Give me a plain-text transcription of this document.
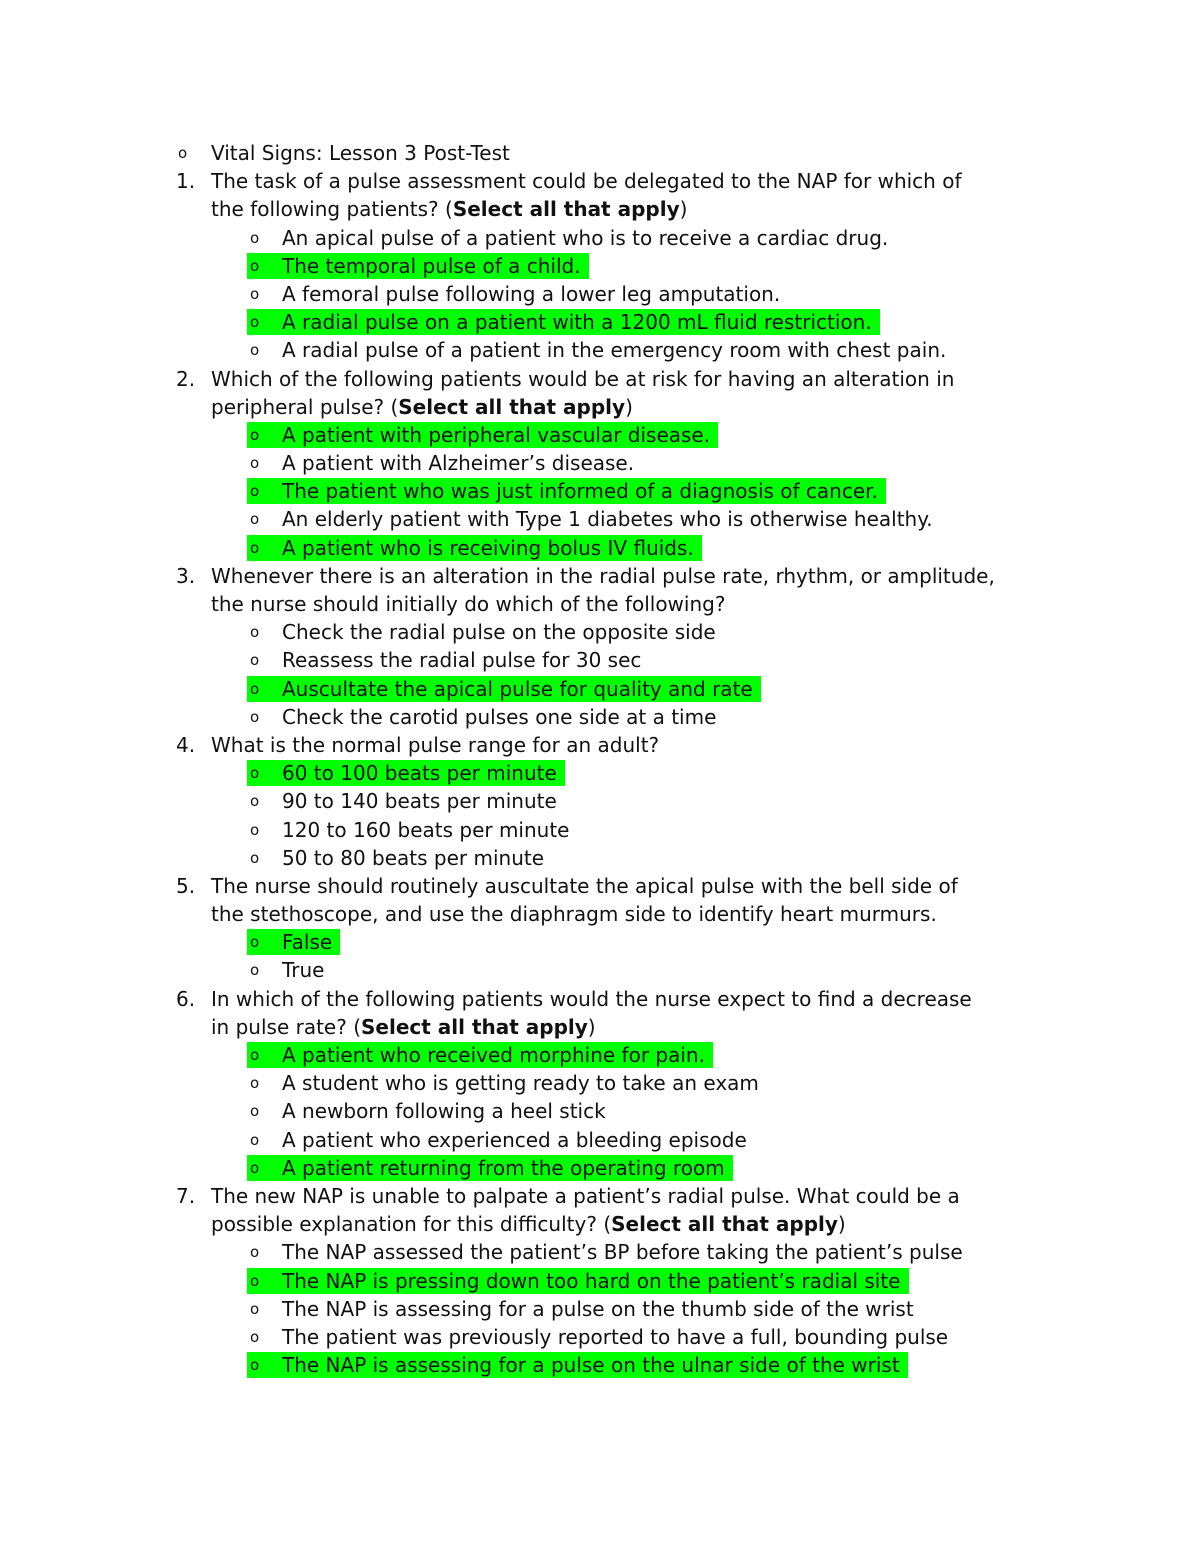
o Vital Signs: Lesson 3 Post-Test
1. The task of a pulse assessment could be delegated to the NAP for which of
the following patients? (Select all that apply)
o An apical pulse of a patient who is to receive a cardiac drug.
o The temporal pulse of a child.
o A femoral pulse following a lower leg amputation.
o A radial pulse on a patient with a 1200 mL fluid restriction.
o A radial pulse of a patient in the emergency room with chest pain.
2. Which of the following patients would be at risk for having an alteration in
peripheral pulse? (Select all that apply)
o A patient with peripheral vascular disease.
o A patient with Alzheimer’s disease.
o The patient who was just informed of a diagnosis of cancer.
o An elderly patient with Type 1 diabetes who is otherwise healthy.
o A patient who is receiving bolus IV fluids.
3. Whenever there is an alteration in the radial pulse rate, rhythm, or amplitude,
the nurse should initially do which of the following?
o Check the radial pulse on the opposite side
o Reassess the radial pulse for 30 sec
o Auscultate the apical pulse for quality and rate
o Check the carotid pulses one side at a time
4. What is the normal pulse range for an adult?
o 60 to 100 beats per minute
o 90 to 140 beats per minute
o 120 to 160 beats per minute
o 50 to 80 beats per minute
5. The nurse should routinely auscultate the apical pulse with the bell side of
the stethoscope, and use the diaphragm side to identify heart murmurs.
o False
o True
6. In which of the following patients would the nurse expect to find a decrease
in pulse rate? (Select all that apply)
o A patient who received morphine for pain.
o A student who is getting ready to take an exam
o A newborn following a heel stick
o A patient who experienced a bleeding episode
o A patient returning from the operating room
7. The new NAP is unable to palpate a patient’s radial pulse. What could be a
possible explanation for this difficulty? (Select all that apply)
o The NAP assessed the patient’s BP before taking the patient’s pulse
o The NAP is pressing down too hard on the patient’s radial site
o The NAP is assessing for a pulse on the thumb side of the wrist
o The patient was previously reported to have a full, bounding pulse
o The NAP is assessing for a pulse on the ulnar side of the wrist
